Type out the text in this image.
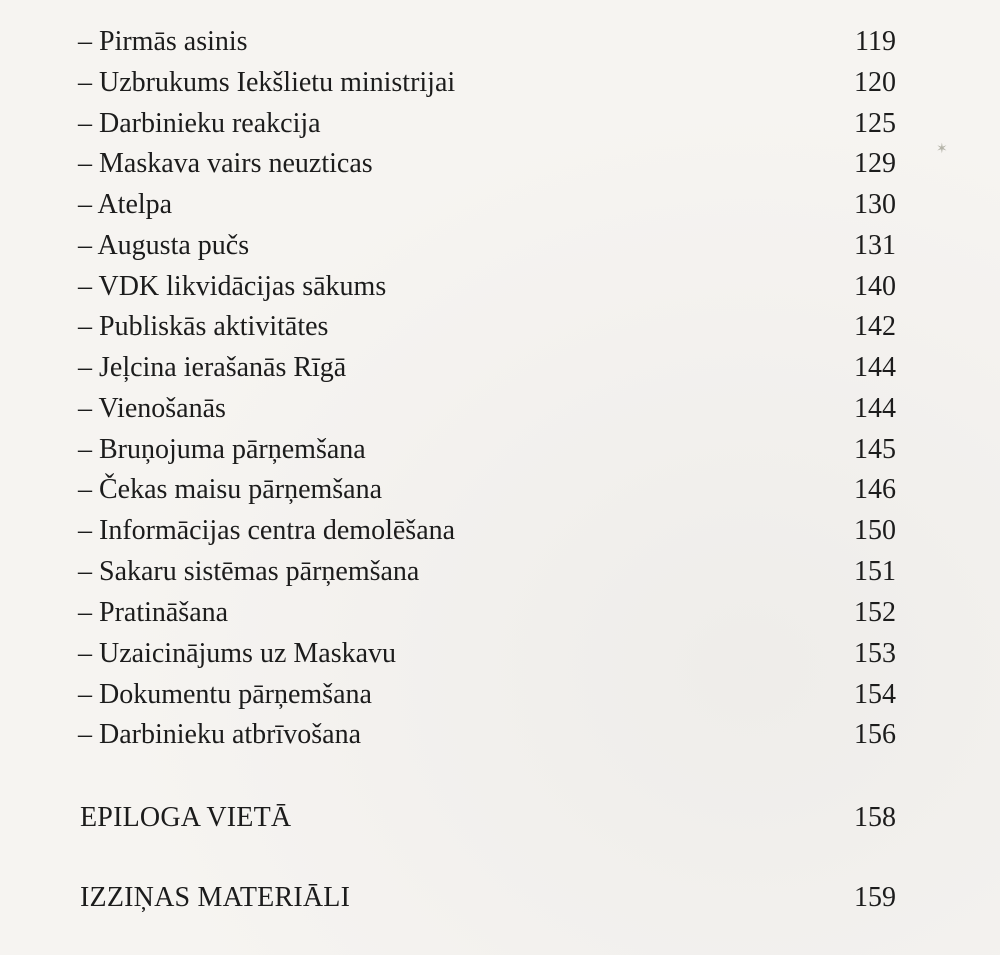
– Pirmās asinis	119
– Uzbrukums Iekšlietu ministrijai	120
– Darbinieku reakcija	125
– Maskava vairs neuzticas	129
– Atelpa	130
– Augusta pučs	131
– VDK likvidācijas sākums	140
– Publiskās aktivitātes	142
– Jeļcina ierašanās Rīgā	144
– Vienošanās	144
– Bruņojuma pārņemšana	145
– Čekas maisu pārņemšana	146
– Informācijas centra demolēšana	150
– Sakaru sistēmas pārņemšana	151
– Pratināšana	152
– Uzaicinājums uz Maskavu	153
– Dokumentu pārņemšana	154
– Darbinieku atbrīvošana	156
EPILOGA VIETĀ	158
IZZIŅAS MATERIĀLI	159
✶
